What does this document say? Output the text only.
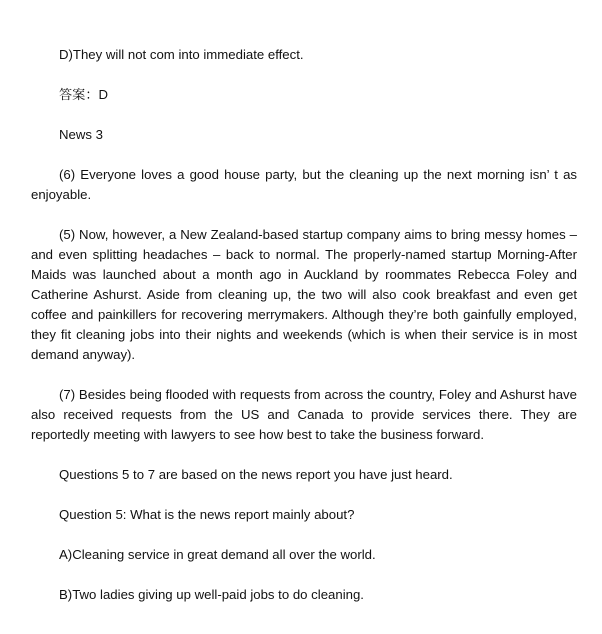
D)They will not com into immediate effect.
答案：D
News 3
(6) Everyone loves a good house party, but the cleaning up the next morning isn’ t as enjoyable.
(5) Now, however, a New Zealand-based startup company aims to bring messy homes – and even splitting headaches – back to normal. The properly-named startup Morning-After Maids was launched about a month ago in Auckland by roommates Rebecca Foley and Catherine Ashurst. Aside from cleaning up, the two will also cook breakfast and even get coffee and painkillers for recovering merrymakers. Although they’re both gainfully employed, they fit cleaning jobs into their nights and weekends (which is when their service is in most demand anyway).
(7) Besides being flooded with requests from across the country, Foley and Ashurst have also received requests from the US and Canada to provide services there. They are reportedly meeting with lawyers to see how best to take the business forward.
Questions 5 to 7 are based on the news report you have just heard.
Question 5: What is the news report mainly about?
A)Cleaning service in great demand all over the world.
B)Two ladies giving up well-paid jobs to do cleaning.
